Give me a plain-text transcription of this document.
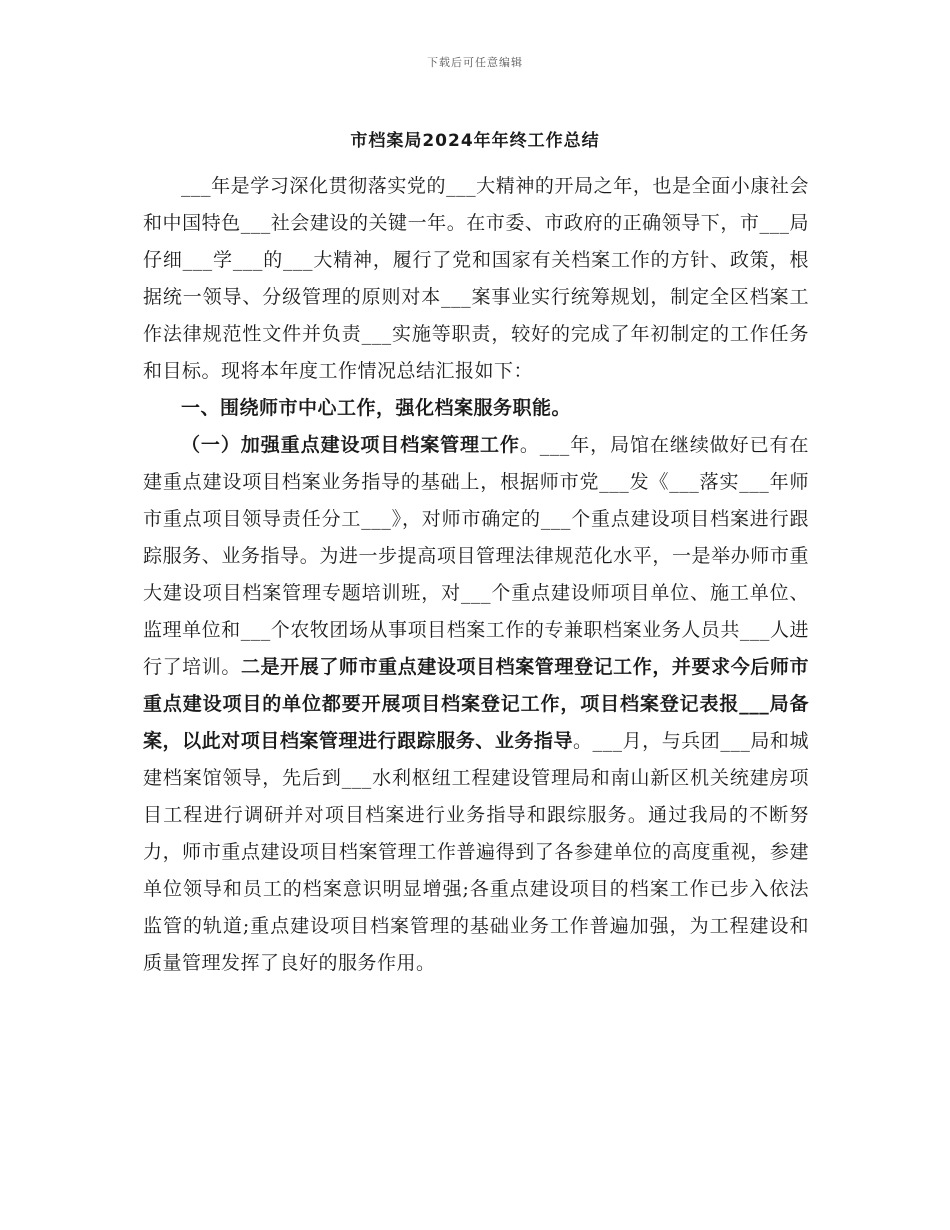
下载后可任意编辑
市档案局2024年年终工作总结

___年是学习深化贯彻落实党的___大精神的开局之年，也是全面小康社会和中国特色___社会建设的关键一年。在市委、市政府的正确领导下，市___局仔细___学___的___大精神，履行了党和国家有关档案工作的方针、政策，根据统一领导、分级管理的原则对本___案事业实行统筹规划，制定全区档案工作法律规范性文件并负责___实施等职责，较好的完成了年初制定的工作任务和目标。现将本年度工作情况总结汇报如下：

一、围绕师市中心工作，强化档案服务职能。

（一）加强重点建设项目档案管理工作。___年，局馆在继续做好已有在建重点建设项目档案业务指导的基础上，根据师市党___发《___落实___年师市重点项目领导责任分工___》，对师市确定的___个重点建设项目档案进行跟踪服务、业务指导。为进一步提高项目管理法律规范化水平，一是举办师市重大建设项目档案管理专题培训班，对___个重点建设师项目单位、施工单位、监理单位和___个农牧团场从事项目档案工作的专兼职档案业务人员共___人进行了培训。二是开展了师市重点建设项目档案管理登记工作，并要求今后师市重点建设项目的单位都要开展项目档案登记工作，项目档案登记表报___局备案，以此对项目档案管理进行跟踪服务、业务指导。___月，与兵团___局和城建档案馆领导，先后到___水利枢纽工程建设管理局和南山新区机关统建房项目工程进行调研并对项目档案进行业务指导和跟综服务。通过我局的不断努力，师市重点建设项目档案管理工作普遍得到了各参建单位的高度重视，参建单位领导和员工的档案意识明显增强;各重点建设项目的档案工作已步入依法监管的轨道;重点建设项目档案管理的基础业务工作普遍加强，为工程建设和质量管理发挥了良好的服务作用。
